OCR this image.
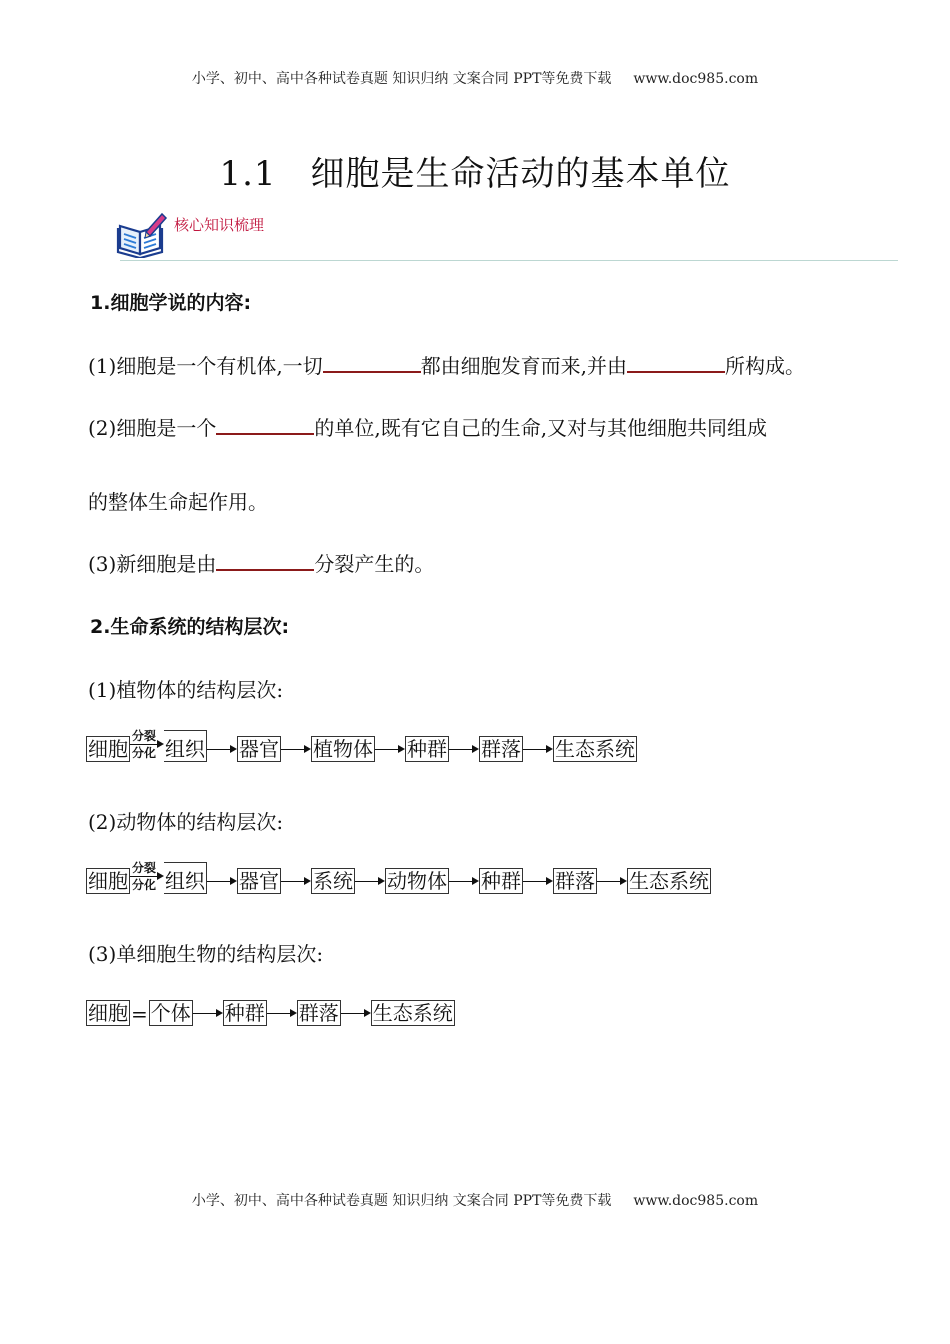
小学、初中、高中各种试卷真题 知识归纳 文案合同 PPT等免费下载 www.doc985.com
1.1 细胞是生命活动的基本单位
核心知识梳理
1.细胞学说的内容:
(1)细胞是一个有机体,一切	都由细胞发育而来,并由	所构成。
(2)细胞是一个	的单位,既有它自己的生命,又对与其他细胞共同组成
的整体生命起作用。
(3)新细胞是由	分裂产生的。
2.生命系统的结构层次:
(1)植物体的结构层次:
细胞
分裂
分化 组织 器官 植物体 种群 群落 生态系统
(2)动物体的结构层次:
细胞
分裂
分化 组织 器官 系统 动物体 种群 群落 生态系统
(3)单细胞生物的结构层次:
细胞 = 个体 种群 群落 生态系统
小学、初中、高中各种试卷真题 知识归纳 文案合同 PPT等免费下载 www.doc985.com
